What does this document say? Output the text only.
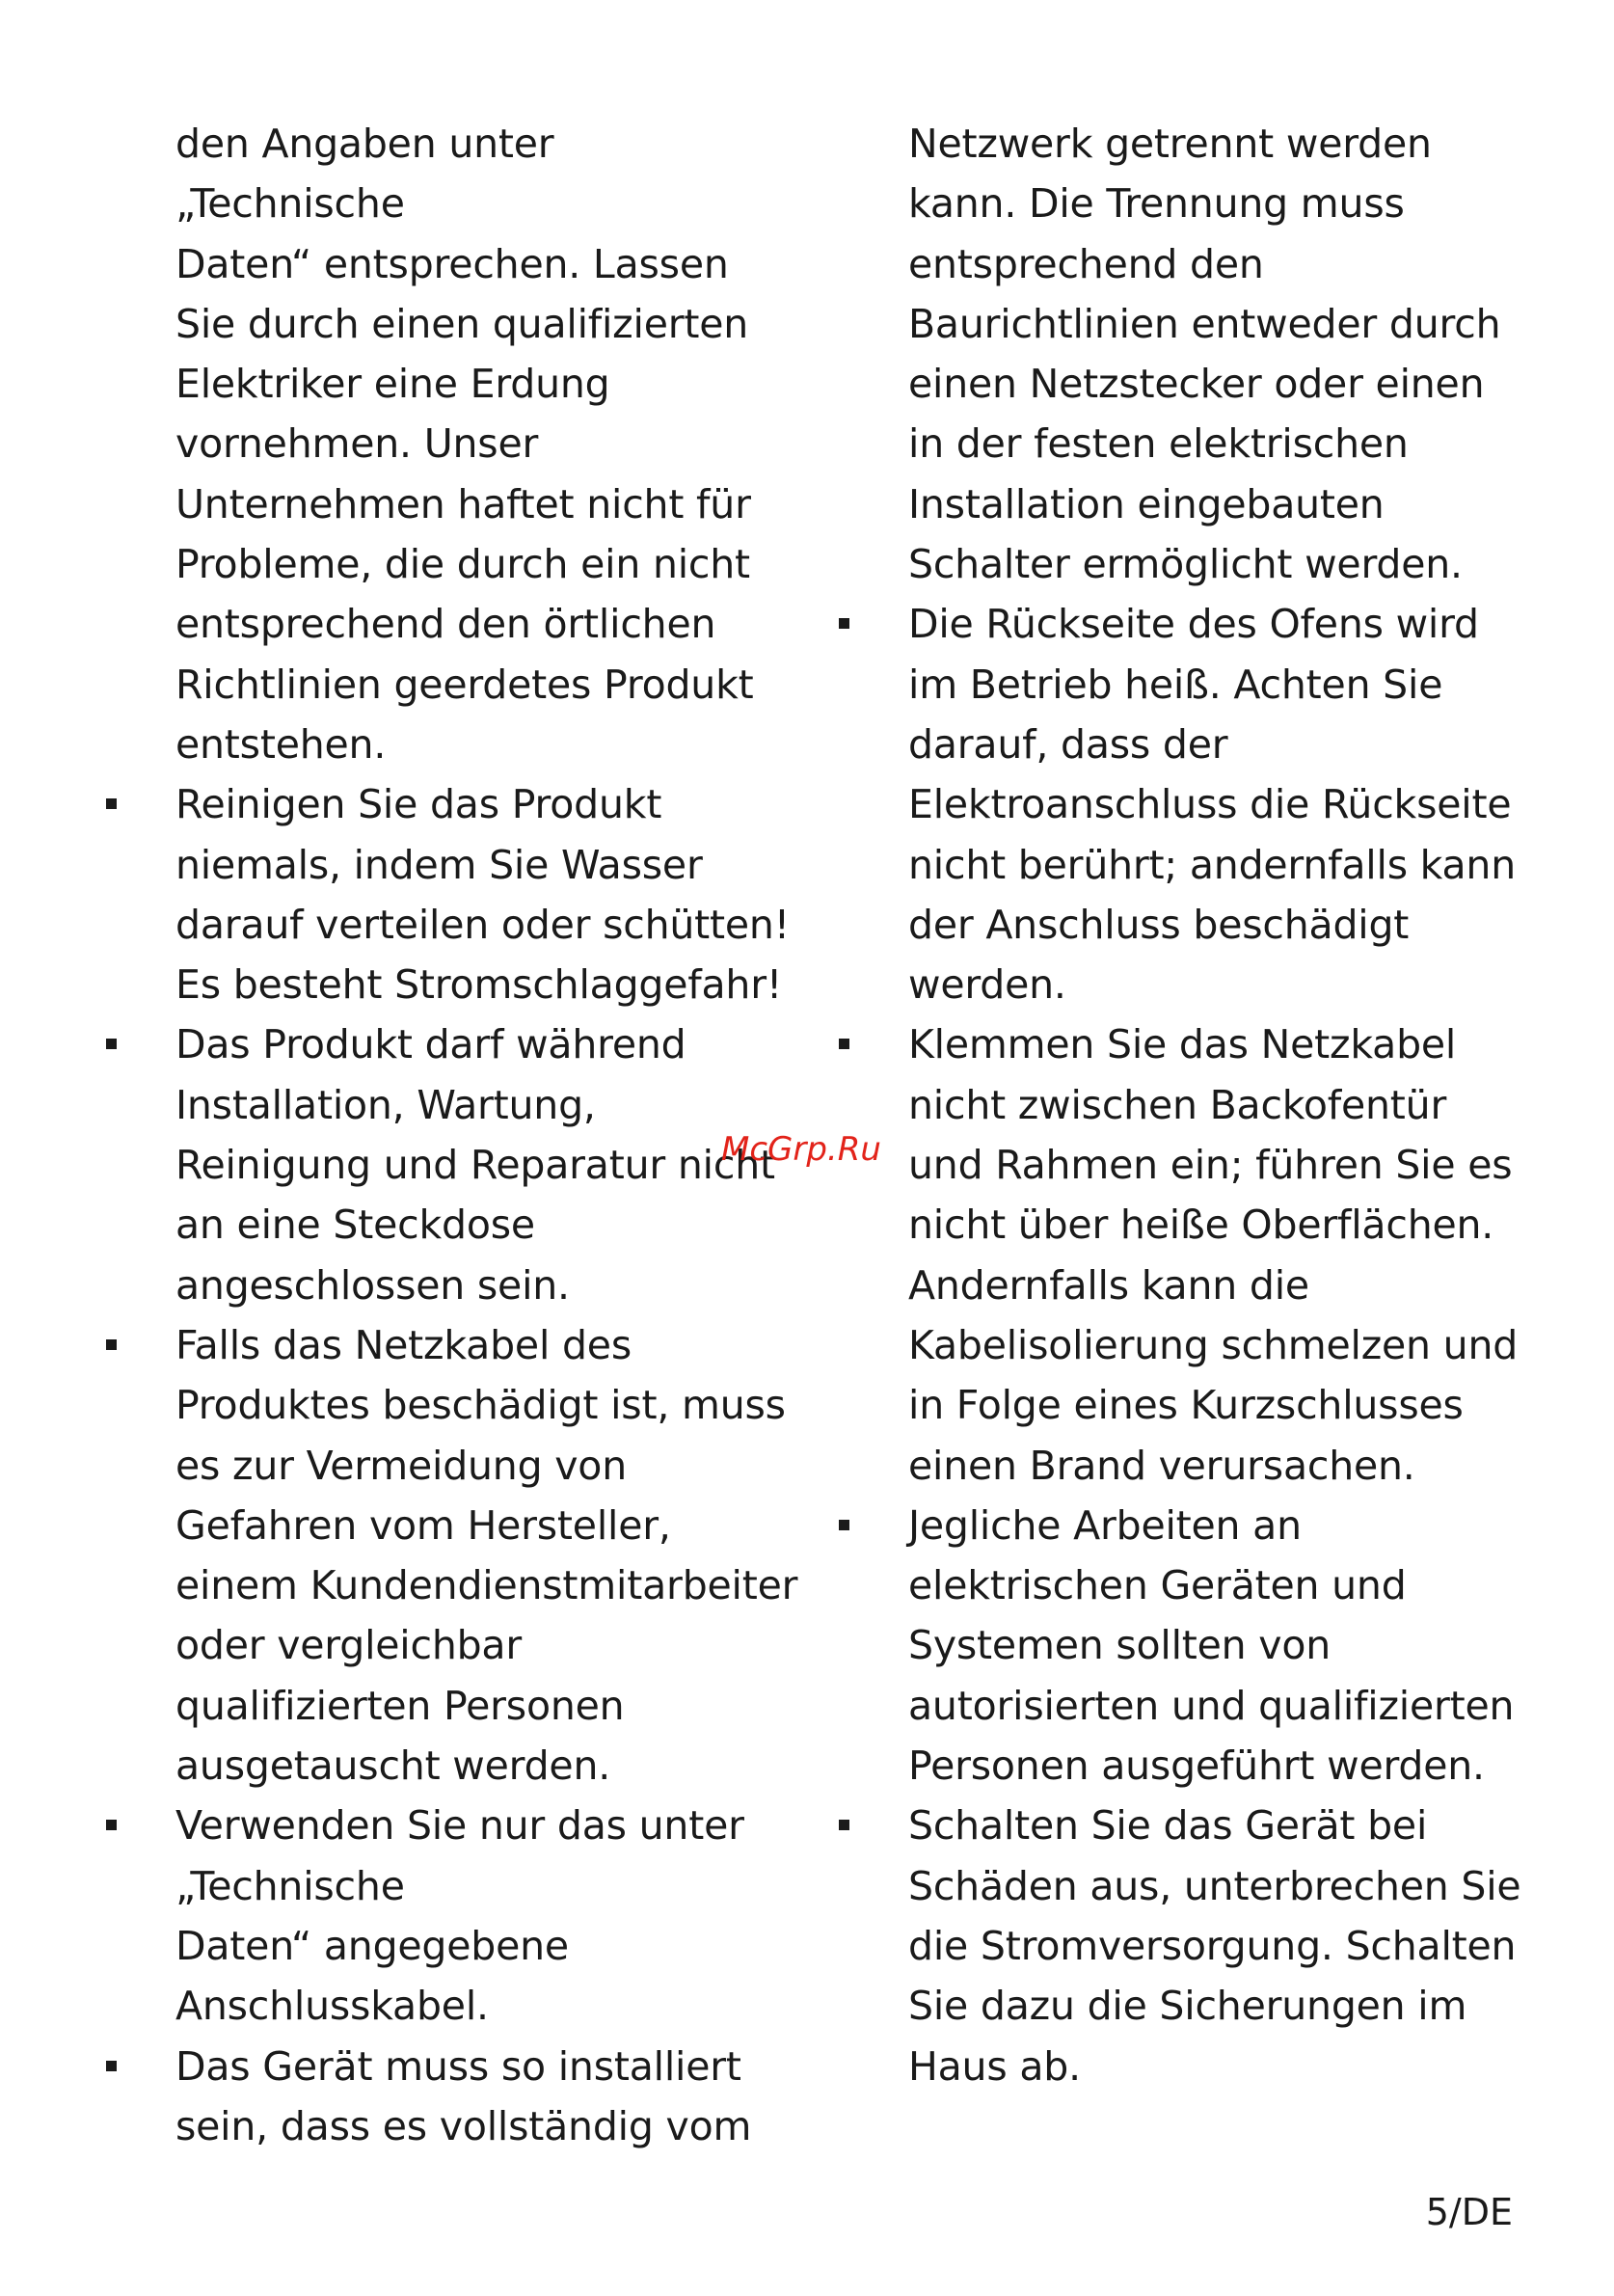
den Angaben unter
„Technische
Daten“ entsprechen. Lassen
Sie durch einen qualifizierten
Elektriker eine Erdung
vornehmen. Unser
Unternehmen haftet nicht für
Probleme, die durch ein nicht
entsprechend den örtlichen
Richtlinien geerdetes Produkt
entstehen.
Reinigen Sie das Produkt
niemals, indem Sie Wasser
darauf verteilen oder schütten!
Es besteht Stromschlaggefahr!
Das Produkt darf während
Installation, Wartung,
Reinigung und Reparatur nicht
an eine Steckdose
angeschlossen sein.
Falls das Netzkabel des
Produktes beschädigt ist, muss
es zur Vermeidung von
Gefahren vom Hersteller,
einem Kundendienstmitarbeiter
oder vergleichbar
qualifizierten Personen
ausgetauscht werden.
Verwenden Sie nur das unter
„Technische
Daten“ angegebene
Anschlusskabel.
Das Gerät muss so installiert
sein, dass es vollständig vom
Netzwerk getrennt werden
kann. Die Trennung muss
entsprechend den
Baurichtlinien entweder durch
einen Netzstecker oder einen
in der festen elektrischen
Installation eingebauten
Schalter ermöglicht werden.
Die Rückseite des Ofens wird
im Betrieb heiß. Achten Sie
darauf, dass der
Elektroanschluss die Rückseite
nicht berührt; andernfalls kann
der Anschluss beschädigt
werden.
Klemmen Sie das Netzkabel
nicht zwischen Backofentür
und Rahmen ein; führen Sie es
nicht über heiße Oberflächen.
Andernfalls kann die
Kabelisolierung schmelzen und
in Folge eines Kurzschlusses
einen Brand verursachen.
Jegliche Arbeiten an
elektrischen Geräten und
Systemen sollten von
autorisierten und qualifizierten
Personen ausgeführt werden.
Schalten Sie das Gerät bei
Schäden aus, unterbrechen Sie
die Stromversorgung. Schalten
Sie dazu die Sicherungen im
Haus ab.
McGrp.Ru
5/DE
